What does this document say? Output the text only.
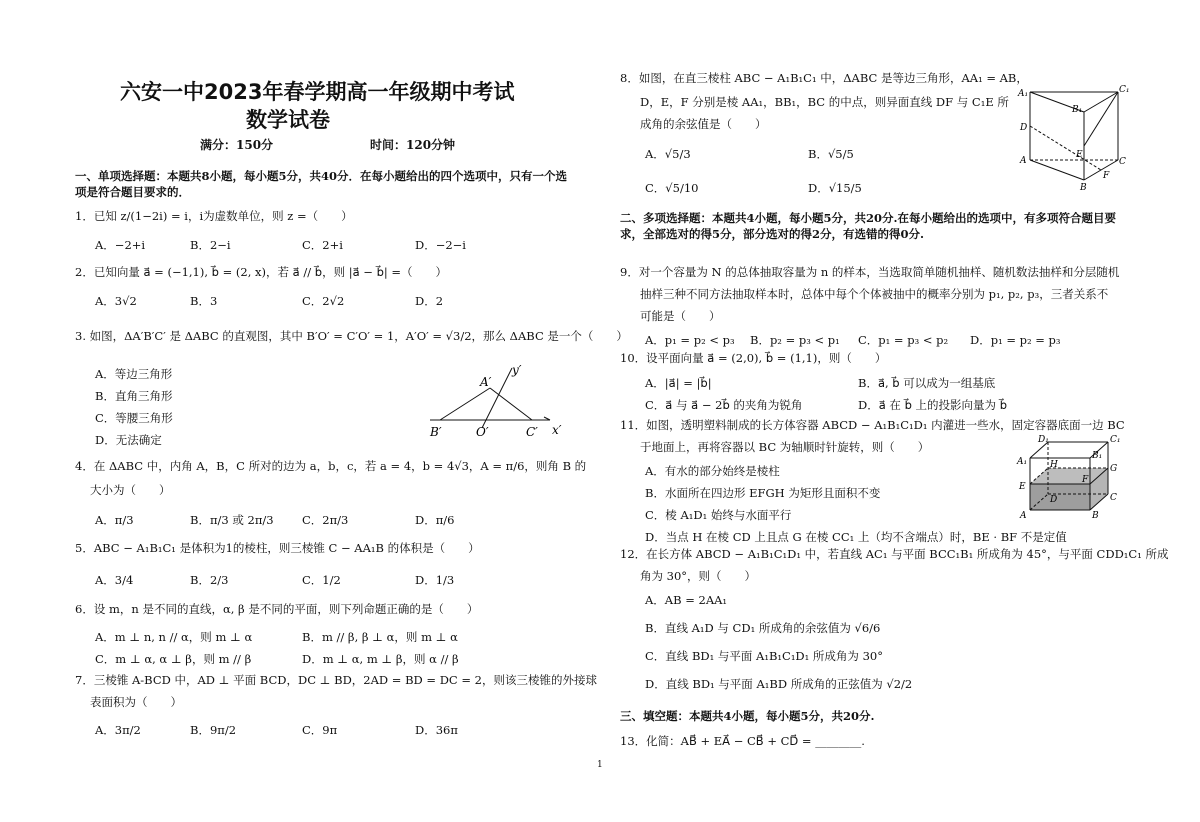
六安一中2023年春学期高一年级期中考试
数学试卷
满分：150分	时间：120分钟
一、单项选择题：本题共8小题，每小题5分，共40分．在每小题给出的四个选项中，只有一个选项是符合题目要求的．
1．已知 z/(1−2i) = i，i为虚数单位，则 z =（　　）
A．−2+i	B．2−i	C．2+i	D．−2−i
2．已知向量 a⃗ = (−1,1), b⃗ = (2, x)，若 a⃗ // b⃗，则 |a⃗ − b⃗| =（　　）
A．3√2	B．3	C．2√2	D．2
3. 如图，ΔA′B′C′ 是 ΔABC 的直观图，其中 B′O′ = C′O′ = 1，A′O′ = √3/2，那么 ΔABC 是一个（　　）
A．等边三角形
B．直角三角形
C．等腰三角形
D．无法确定
A′
y′
B′	O′	C′ x′
4．在 ΔABC 中，内角 A，B，C 所对的边为 a，b，c，若 a = 4，b = 4√3，A = π/6，则角 B 的
大小为（　　）
A．π/3	B．π/3 或 2π/3 C．2π/3	D．π/6
5．ABC − A₁B₁C₁ 是体积为1的棱柱，则三棱锥 C − AA₁B 的体积是（　　）
A．3/4	B．2/3	C．1/2	D．1/3
6．设 m，n 是不同的直线，α, β 是不同的平面，则下列命题正确的是（　　）
A．m ⊥ n, n // α，则 m ⊥ α	B．m // β, β ⊥ α，则 m ⊥ α
C．m ⊥ α, α ⊥ β，则 m // β	D．m ⊥ α, m ⊥ β，则 α // β
7．三棱锥 A-BCD 中，AD ⊥ 平面 BCD，DC ⊥ BD，2AD = BD = DC = 2，则该三棱锥的外接球
表面积为（　　）
A．3π/2	B．9π/2	C．9π	D．36π
8．如图，在直三棱柱 ABC − A₁B₁C₁ 中，ΔABC 是等边三角形，AA₁ = AB，
D，E，F 分别是棱 AA₁，BB₁，BC 的中点，则异面直线 DF 与 C₁E 所
成角的余弦值是（　　）
A．√5/3	B．√5/5
C．√5/10	D．√15/5
A₁	C₁
B₁
D
E
A	C
B
F
二、多项选择题：本题共4小题，每小题5分，共20分.在每小题给出的选项中，有多项符合题目要求，全部选对的得5分，部分选对的得2分，有选错的得0分.
9．对一个容量为 N 的总体抽取容量为 n 的样本，当选取简单随机抽样、随机数法抽样和分层随机
抽样三种不同方法抽取样本时，总体中每个个体被抽中的概率分别为 p₁, p₂, p₃，三者关系不
可能是（　　）
A．p₁ = p₂ < p₃ B．p₂ = p₃ < p₁ C．p₁ = p₃ < p₂ D．p₁ = p₂ = p₃
10．设平面向量 a⃗ = (2,0), b⃗ = (1,1)，则（　　）
A．|a⃗| = |b⃗|	B．a⃗, b⃗ 可以成为一组基底
C．a⃗ 与 a⃗ − 2b⃗ 的夹角为锐角	D．a⃗ 在 b⃗ 上的投影向量为 b⃗
11．如图，透明塑料制成的长方体容器 ABCD − A₁B₁C₁D₁ 内灌进一些水，固定容器底面一边 BC
于地面上，再将容器以 BC 为轴顺时针旋转，则（　　）
A．有水的部分始终是棱柱
B．水面所在四边形 EFGH 为矩形且面积不变
C．棱 A₁D₁ 始终与水面平行
D．当点 H 在棱 CD 上且点 G 在棱 CC₁ 上（均不含端点）时，BE · BF 不是定值
D₁	C₁
A₁
B₁
H	G
E
F
D	C
A	B
12．在长方体 ABCD − A₁B₁C₁D₁ 中，若直线 AC₁ 与平面 BCC₁B₁ 所成角为 45°，与平面 CDD₁C₁ 所成
角为 30°，则（　　）
A．AB = 2AA₁
B．直线 A₁D 与 CD₁ 所成角的余弦值为 √6/6
C．直线 BD₁ 与平面 A₁B₁C₁D₁ 所成角为 30°
D．直线 BD₁ 与平面 A₁BD 所成角的正弦值为 √2/2
三、填空题：本题共4小题，每小题5分，共20分.
13．化简：AB⃗ + EA⃗ − CB⃗ + CD⃗ = ________.
1
